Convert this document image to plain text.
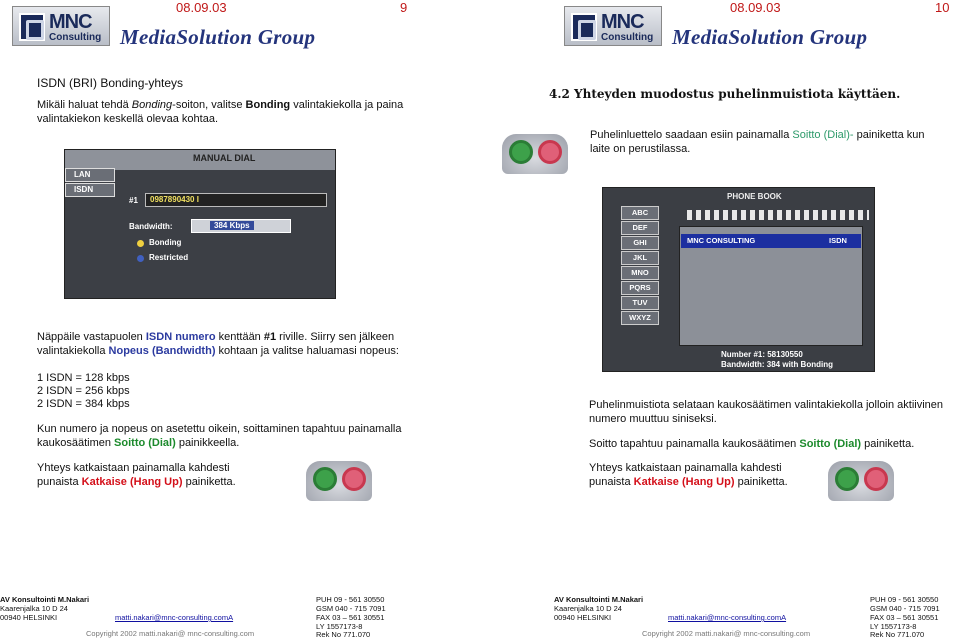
MNC
Consulting
08.09.03	9
MediaSolution Group
ISDN (BRI) Bonding-yhteys

Mikäli haluat tehdä Bonding-soiton, valitse Bonding valintakiekolla ja paina valintakiekon keskellä olevaa kohtaa.

MANUAL DIAL
LAN
ISDN
#1 0987890430 I
Bandwidth:	384 Kbps
Bonding
Restricted

Näppäile vastapuolen ISDN numero kenttään #1 riville. Siirry sen jälkeen valintakiekolla Nopeus (Bandwidth) kohtaan ja valitse haluamasi nopeus:

1 ISDN = 128 kbps

2 ISDN = 256 kbps

2 ISDN = 384 kbps

Kun numero ja nopeus on asetettu oikein, soittaminen tapahtuu painamalla kaukosäätimen Soitto (Dial) painikkeella.

Yhteys katkaistaan painamalla kahdesti punaista Katkaise (Hang Up) painiketta.

AV Konsultointi M.Nakari
Kaarenjalka 10 D 24
00940 HELSINKI	matti.nakari@mnc-consulting.comA
Copyright 2002 matti.nakari@ mnc-consulting.com
PUH 09 - 561 30550
GSM 040 - 715 7091
FAX 03 – 561 30551
LY 1557173-8
Rek No 771.070
MNC
Consulting
08.09.03	10
MediaSolution Group
4.2 Yhteyden muodostus puhelinmuistiota käyttäen.

Puhelinluettelo saadaan esiin painamalla Soitto (Dial)- painiketta kun laite on perustilassa.

PHONE BOOK
ABC
DEF
GHI
JKL
MNO
PQRS
TUV
WXYZ
MNC CONSULTING	ISDN
Number #1: 58130550
Bandwidth: 384 with Bonding

Puhelinmuistiota selataan kaukosäätimen valintakiekolla jolloin aktiivinen numero muuttuu siniseksi.

Soitto tapahtuu painamalla kaukosäätimen Soitto (Dial) painiketta.

Yhteys katkaistaan painamalla kahdesti punaista Katkaise (Hang Up) painiketta.

AV Konsultointi M.Nakari
Kaarenjalka 10 D 24
00940 HELSINKI	matti.nakari@mnc-consulting.comA
Copyright 2002 matti.nakari@ mnc-consulting.com
PUH 09 - 561 30550
GSM 040 - 715 7091
FAX 03 – 561 30551
LY 1557173-8
Rek No 771.070
